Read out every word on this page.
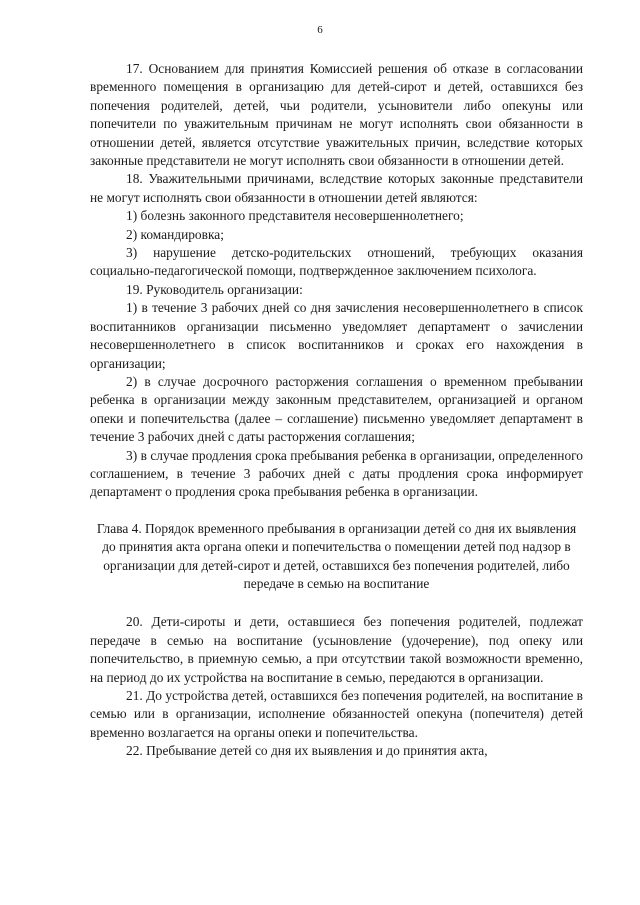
6

17. Основанием для принятия Комиссией решения об отказе в согласовании временного помещения в организацию для детей-сирот и детей, оставшихся без попечения родителей, детей, чьи родители, усыновители либо опекуны или попечители по уважительным причинам не могут исполнять свои обязанности в отношении детей, является отсутствие уважительных причин, вследствие которых законные представители не могут исполнять свои обязанности в отношении детей.

18. Уважительными причинами, вследствие которых законные представители не могут исполнять свои обязанности в отношении детей являются:

1) болезнь законного представителя несовершеннолетнего;

2) командировка;

3) нарушение детско-родительских отношений, требующих оказания социально-педагогической помощи, подтвержденное заключением психолога.

19. Руководитель организации:

1) в течение 3 рабочих дней со дня зачисления несовершеннолетнего в список воспитанников организации письменно уведомляет департамент о зачислении несовершеннолетнего в список воспитанников и сроках его нахождения в организации;

2) в случае досрочного расторжения соглашения о временном пребывании ребенка в организации между законным представителем, организацией и органом опеки и попечительства (далее – соглашение) письменно уведомляет департамент в течение 3 рабочих дней с даты расторжения соглашения;

3) в случае продления срока пребывания ребенка в организации, определенного соглашением, в течение 3 рабочих дней с даты продления срока информирует департамент о продления срока пребывания ребенка в организации.

Глава 4. Порядок временного пребывания в организации детей со дня их выявления до принятия акта органа опеки и попечительства о помещении детей под надзор в организации для детей-сирот и детей, оставшихся без попечения родителей, либо передаче в семью на воспитание

20. Дети-сироты и дети, оставшиеся без попечения родителей, подлежат передаче в семью на воспитание (усыновление (удочерение), под опеку или попечительство, в приемную семью, а при отсутствии такой возможности временно, на период до их устройства на воспитание в семью, передаются в организации.

21. До устройства детей, оставшихся без попечения родителей, на воспитание в семью или в организации, исполнение обязанностей опекуна (попечителя) детей временно возлагается на органы опеки и попечительства.

22. Пребывание детей со дня их выявления и до принятия акта,
